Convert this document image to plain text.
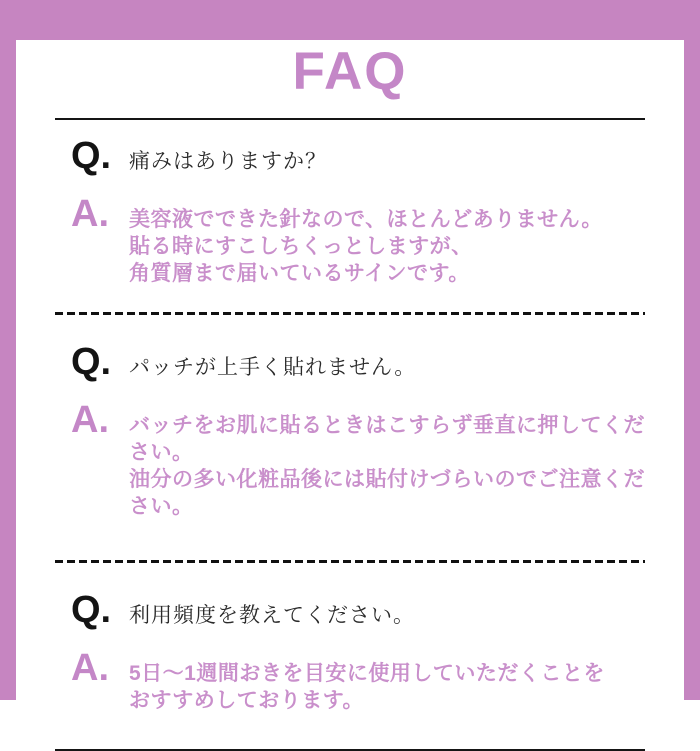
FAQ
Q. 痛みはありますか？
A. 美容液でできた針なので、ほとんどありません。
貼る時にすこしちくっとしますが、
角質層まで届いているサインです。
Q. パッチが上手く貼れません。
A. バッチをお肌に貼るときはこすらず垂直に押してください。
油分の多い化粧品後には貼付けづらいのでご注意ください。
Q. 利用頻度を教えてください。
A. 5日〜1週間おきを目安に使用していただくことを
おすすめしております。
